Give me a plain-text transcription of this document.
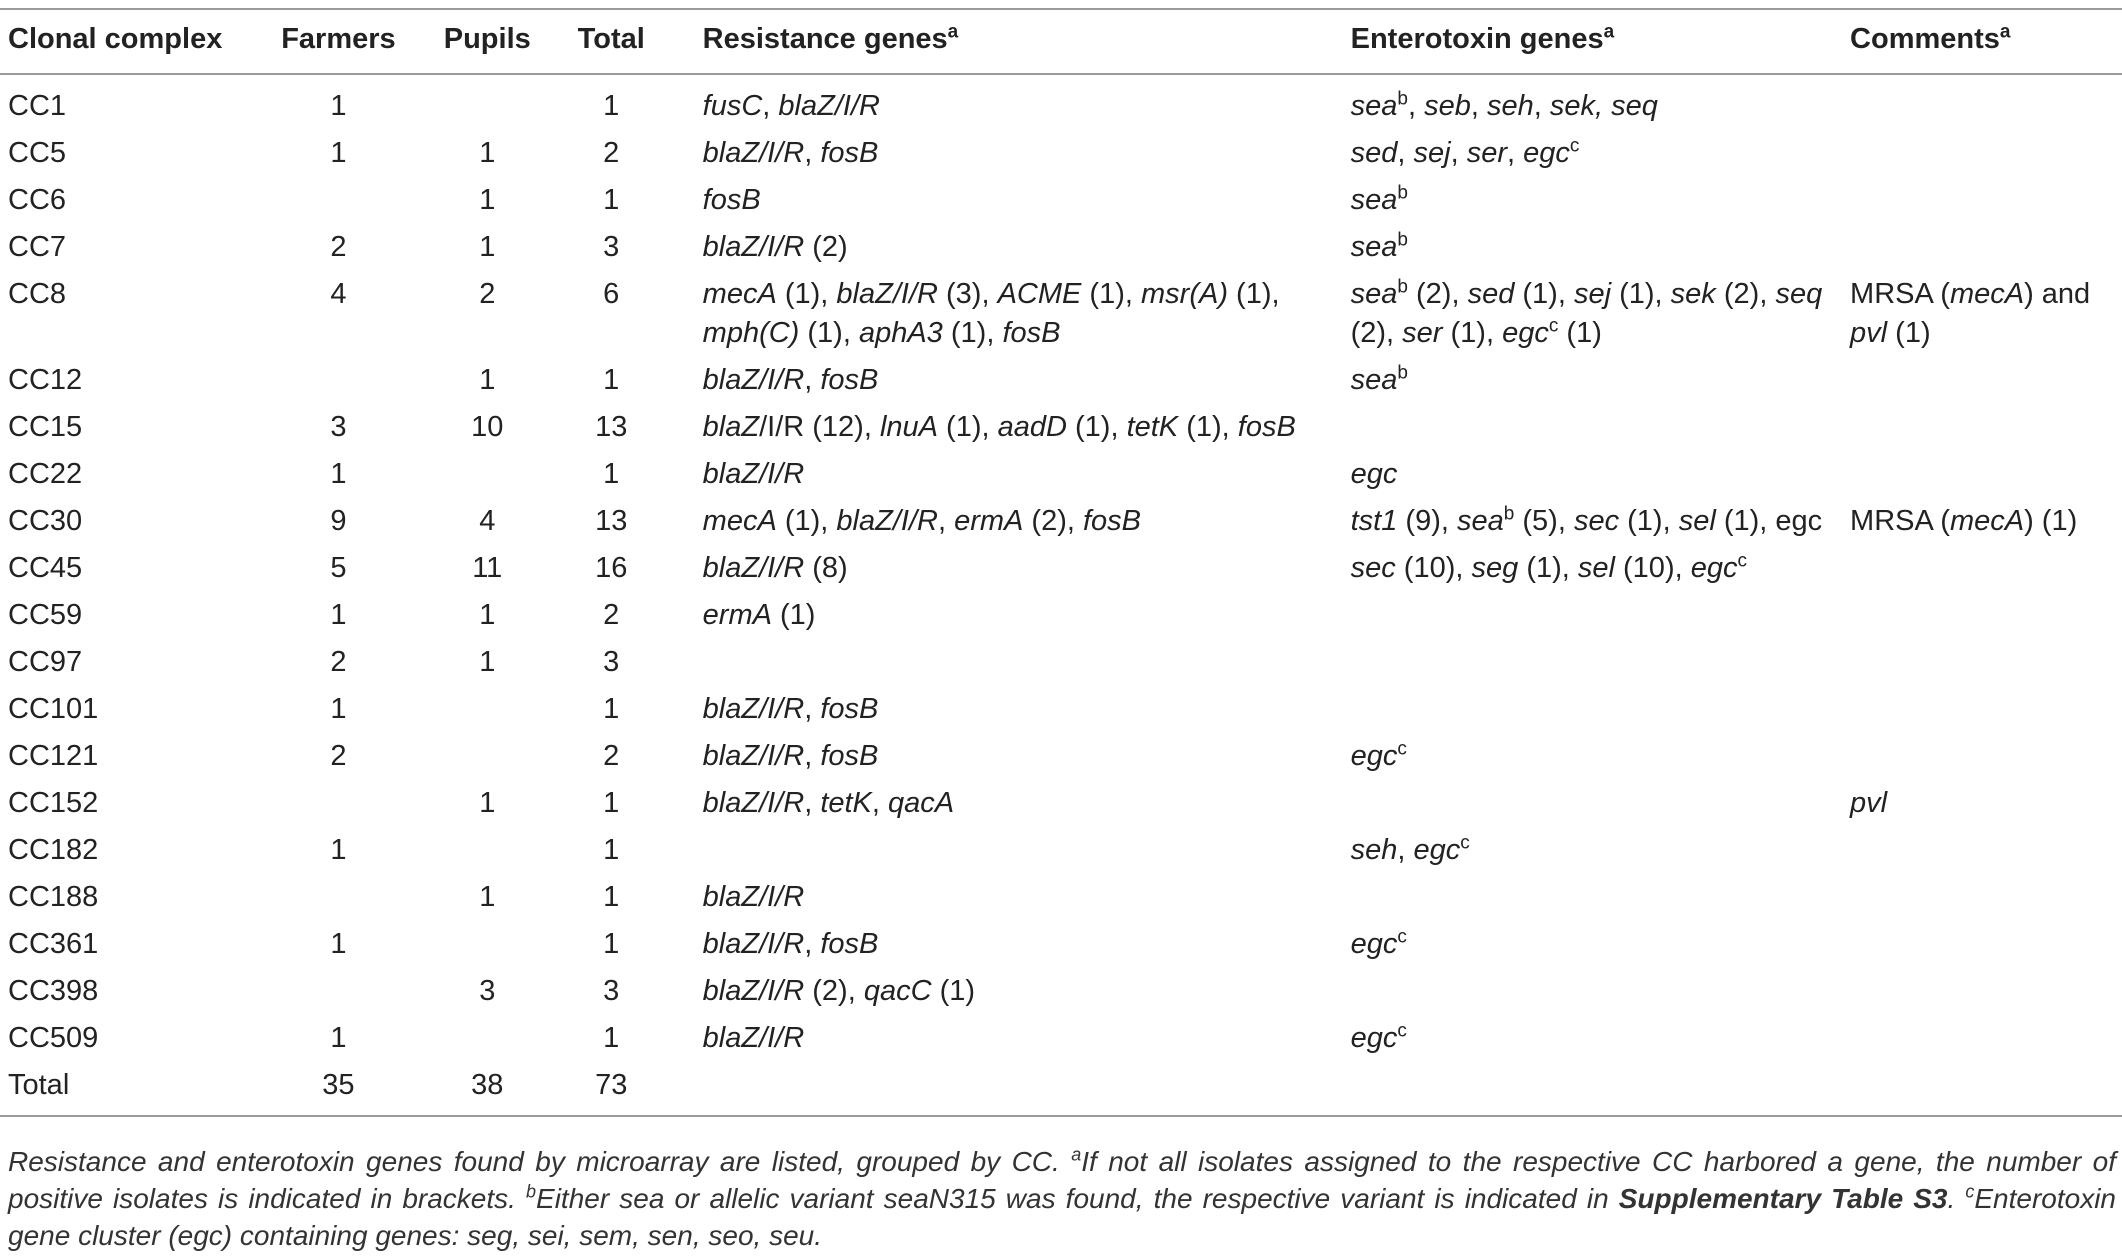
Clonal complex	Farmers	Pupils	Total	Resistance genes$^a$	Enterotoxin genes$^a$	Comments$^a$
CC1	1		1	fusC, blaZ/I/R	sea$^b$, seb, seh, sek, seq	

CC5	1	1	2	blaZ/I/R, fosB	sed, sej, ser, egc$^c$

CC6		1	1	fosB	sea$^b$

CC7	2	1	3	blaZ/I/R (2)	sea$^b$

CC8	4	2	6	mecA (1), blaZ/I/R (3), ACME (1), msr(A) (1),
mph(C) (1), aphA3 (1), fosB	sea$^b$ (2), sed (1), sej (1), sek (2), seq
(2), ser (1), egc$^c$ (1)	MRSA (mecA) and
pvl (1)

CC12		1	1	blaZ/I/R, fosB	sea$^b$

CC15	3	10	13	blaZ/I/R (12), lnuA (1), aadD (1), tetK (1), fosB		

CC22	1		1	blaZ/I/R	egc	

CC30	9	4	13	mecA (1), blaZ/I/R, ermA (2), fosB	tst1 (9), sea$^b$ (5), sec (1), sel (1), egc	MRSA (mecA) (1)

CC45	5	11	16	blaZ/I/R (8)	sec (10), seg (1), sel (10), egc$^c$

CC59	1	1	2	ermA (1)		

CC97	2	1	3			
CC101	1		1	blaZ/I/R, fosB		

CC121	2		2	blaZ/I/R, fosB	egc$^c$

CC152		1	1	blaZ/I/R, tetK, qacA		pvl

CC182	1		1		seh, egc$^c$

CC188		1	1	blaZ/I/R		

CC361	1		1	blaZ/I/R, fosB	egc$^c$

CC398		3	3	blaZ/I/R (2), qacC (1)		

CC509	1		1	blaZ/I/R	egc$^c$

Total	35	38	73			
Resistance and enterotoxin genes found by microarray are listed, grouped by CC. $^a$If not all isolates assigned to the respective CC harbored a gene, the number of positive isolates is indicated in brackets. $^b$Either sea or allelic variant seaN315 was found, the respective variant is indicated in Supplementary Table S3. $^c$Enterotoxin gene cluster (egc) containing genes: seg, sei, sem, sen, seo, seu.
